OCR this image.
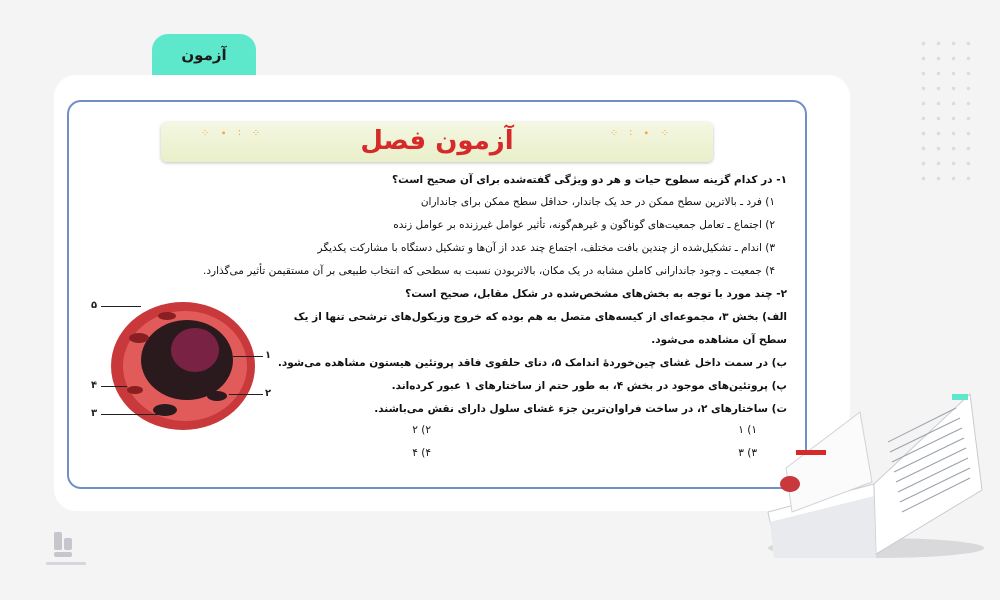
آزمون
⁘ ∙ ∶ ⁘	آزمون فصل	⁘ ∶ ∙ ⁘
۱- در کدام گزینه سطوح حیات و هر دو ویژگی گفته‌شده برای آن صحیح است؟
۱) فرد ـ بالاترین سطح ممکن در حد یک جاندار، حداقل سطح ممکن برای جانداران
۲) اجتماع ـ تعامل جمعیت‌های گوناگون و غیرهم‌گونه، تأثیر عوامل غیرزنده بر عوامل زنده
۳) اندام ـ تشکیل‌شده از چندین بافت مختلف، اجتماع چند عدد از آن‌ها و تشکیل دستگاه با مشارکت یکدیگر
۴) جمعیت ـ وجود جاندارانی کاملن مشابه در یک مکان، بالاتربودن نسبت به سطحی که انتخاب طبیعی بر آن مستقیمن تأثیر می‌گذارد.
۲- چند مورد با توجه به بخش‌های مشخص‌شده در شکل مقابل، صحیح است؟
الف) بخش ۳، مجموعه‌ای از کیسه‌های متصل به هم بوده که خروج وزیکول‌های ترشحی تنها از یک
سطح آن مشاهده می‌شود.
ب) در سمت داخل غشای چین‌خوردهٔ اندامک ۵، دنای حلقوی فاقد پروتئین هیستون مشاهده می‌شود.
پ) پروتئین‌های موجود در بخش ۴، به طور حتم از ساختارهای ۱ عبور کرده‌اند.
ت) ساختارهای ۲، در ساخت فراوان‌ترین جزء غشای سلول دارای نقش می‌باشند.
۱) ۱
۲) ۲
۳) ۳
۴) ۴
۵
۱
۴
۲
۳
